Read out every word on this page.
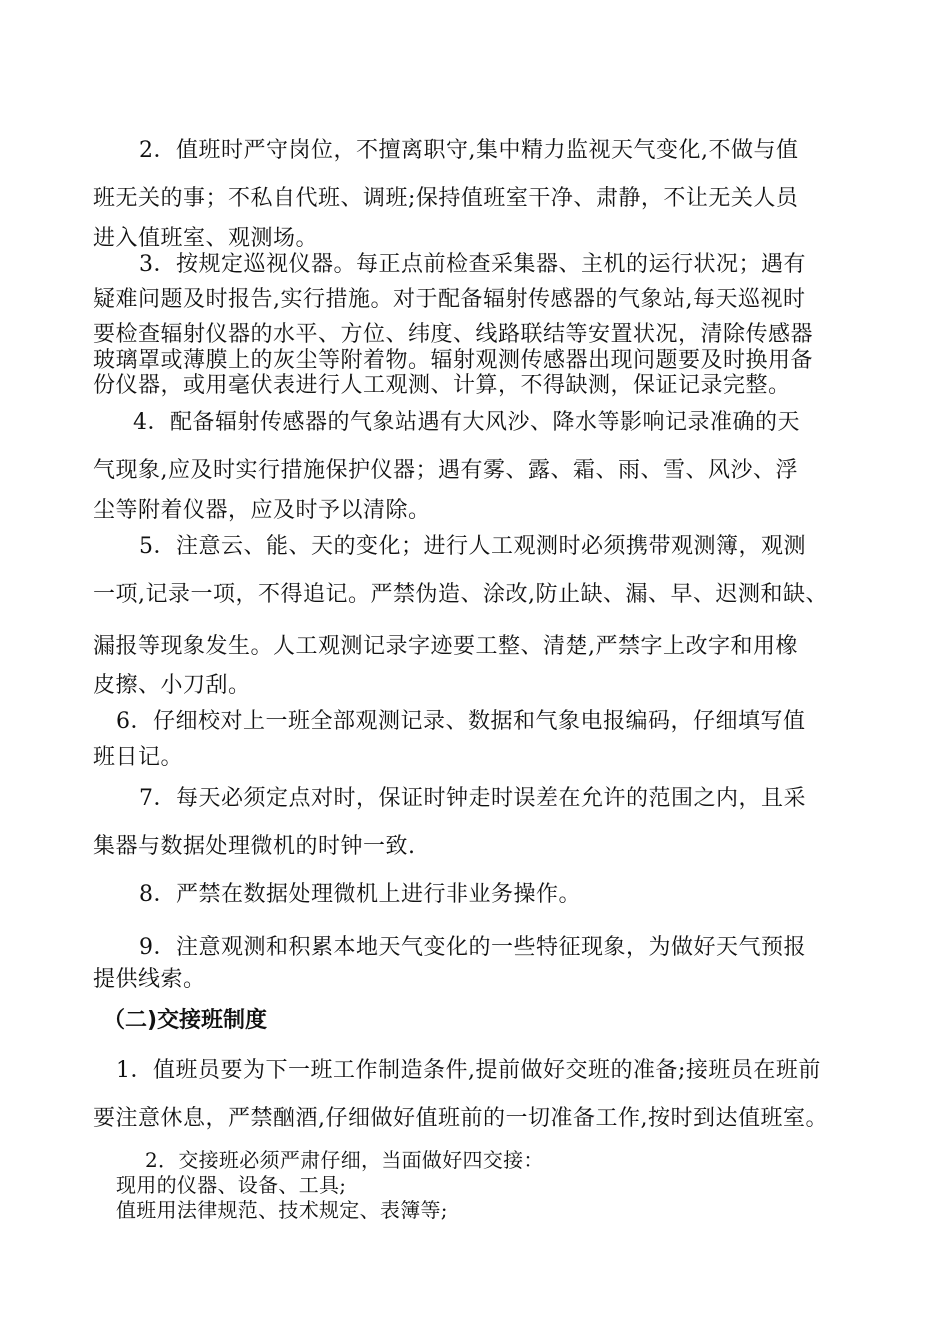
2．值班时严守岗位，不擅离职守,集中精力监视天气变化,不做与值
班无关的事；不私自代班、调班;保持值班室干净、肃静，不让无关人员
进入值班室、观测场。
3．按规定巡视仪器。每正点前检查采集器、主机的运行状况；遇有
疑难问题及时报告,实行措施。对于配备辐射传感器的气象站,每天巡视时
要检查辐射仪器的水平、方位、纬度、线路联结等安置状况，清除传感器
玻璃罩或薄膜上的灰尘等附着物。辐射观测传感器出现问题要及时换用备
份仪器，或用毫伏表进行人工观测、计算，不得缺测，保证记录完整。
4．配备辐射传感器的气象站遇有大风沙、降水等影响记录准确的天
气现象,应及时实行措施保护仪器；遇有雾、露、霜、雨、雪、风沙、浮
尘等附着仪器，应及时予以清除。
5．注意云、能、天的变化；进行人工观测时必须携带观测簿，观测
一项,记录一项，不得追记。严禁伪造、涂改,防止缺、漏、早、迟测和缺、
漏报等现象发生。人工观测记录字迹要工整、清楚,严禁字上改字和用橡
皮擦、小刀刮。
6．仔细校对上一班全部观测记录、数据和气象电报编码，仔细填写值
班日记。
7．每天必须定点对时，保证时钟走时误差在允许的范围之内，且采
集器与数据处理微机的时钟一致.
8．严禁在数据处理微机上进行非业务操作。
9．注意观测和积累本地天气变化的一些特征现象，为做好天气预报
提供线索。
（二)交接班制度
1．值班员要为下一班工作制造条件,提前做好交班的准备;接班员在班前
要注意休息，严禁酗酒,仔细做好值班前的一切准备工作,按时到达值班室。
2．交接班必须严肃仔细，当面做好四交接：
现用的仪器、设备、工具;
值班用法律规范、技术规定、表簿等;
